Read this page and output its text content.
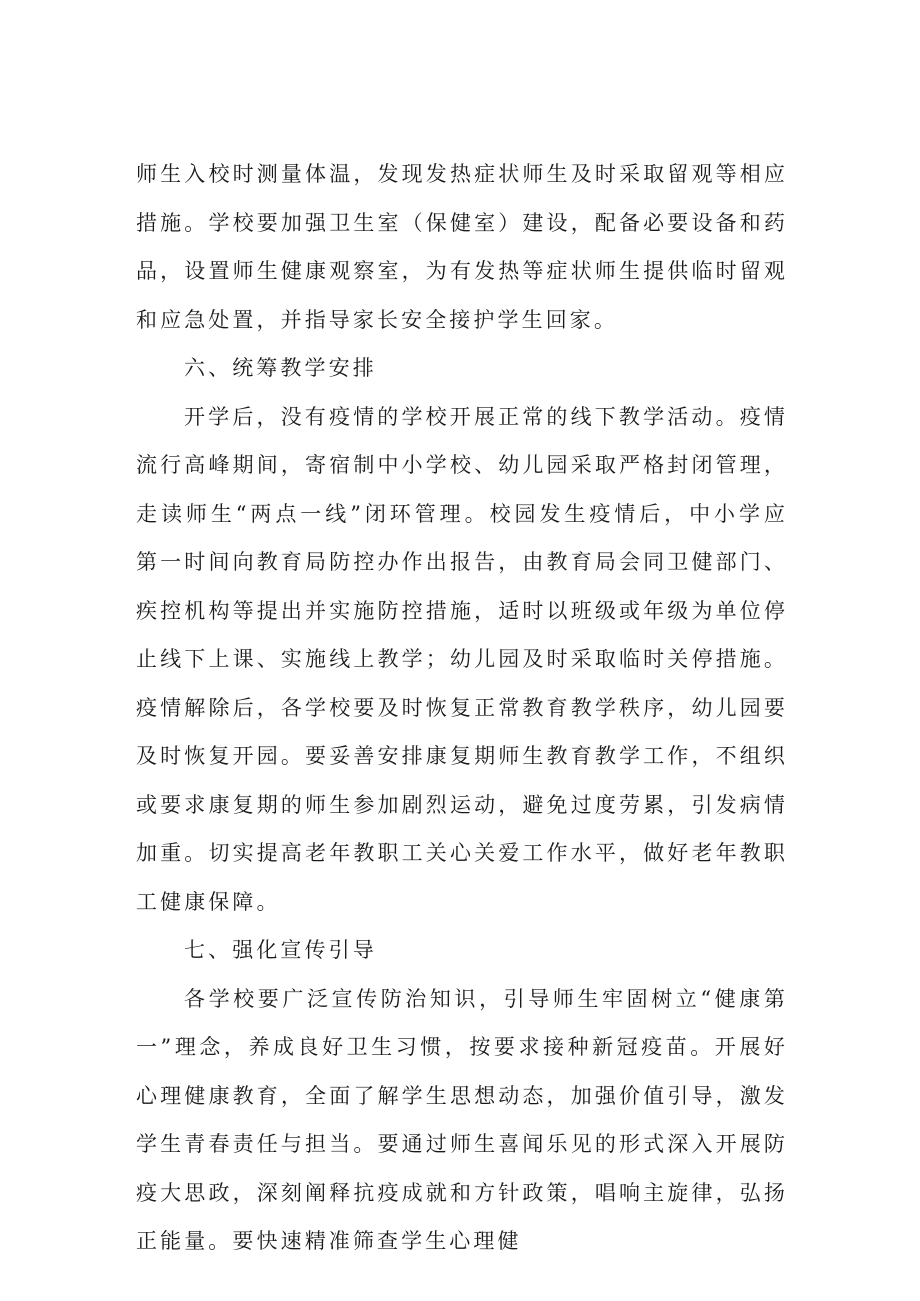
师生入校时测量体温，发现发热症状师生及时采取留观等相应措施。学校要加强卫生室（保健室）建设，配备必要设备和药品，设置师生健康观察室，为有发热等症状师生提供临时留观和应急处置，并指导家长安全接护学生回家。

六、统筹教学安排

开学后，没有疫情的学校开展正常的线下教学活动。疫情流行高峰期间，寄宿制中小学校、幼儿园采取严格封闭管理，走读师生“两点一线”闭环管理。校园发生疫情后，中小学应第一时间向教育局防控办作出报告，由教育局会同卫健部门、疾控机构等提出并实施防控措施，适时以班级或年级为单位停止线下上课、实施线上教学；幼儿园及时采取临时关停措施。疫情解除后，各学校要及时恢复正常教育教学秩序，幼儿园要及时恢复开园。要妥善安排康复期师生教育教学工作，不组织或要求康复期的师生参加剧烈运动，避免过度劳累，引发病情加重。切实提高老年教职工关心关爱工作水平，做好老年教职工健康保障。

七、强化宣传引导

各学校要广泛宣传防治知识，引导师生牢固树立“健康第一”理念，养成良好卫生习惯，按要求接种新冠疫苗。开展好心理健康教育，全面了解学生思想动态，加强价值引导，激发学生青春责任与担当。要通过师生喜闻乐见的形式深入开展防疫大思政，深刻阐释抗疫成就和方针政策，唱响主旋律，弘扬正能量。要快速精准筛查学生心理健
